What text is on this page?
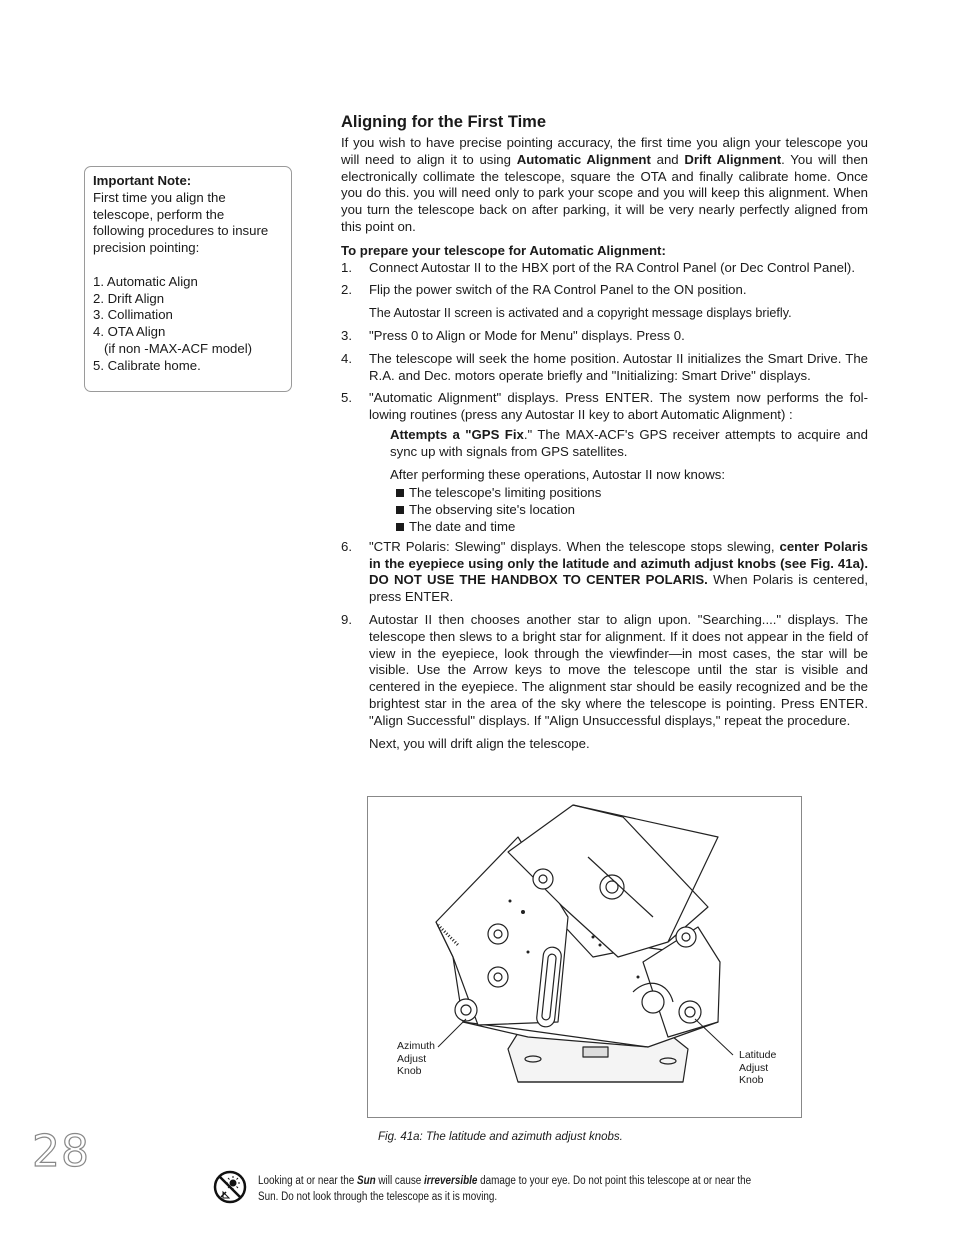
Important Note:
First time you align the
telescope, perform the
following procedures to insure
precision pointing:

1. Automatic Align
2. Drift Align
3. Collimation
4. OTA Align
(if non -MAX-ACF model)
5. Calibrate home.
Aligning for the First Time

If you wish to have precise pointing accuracy, the first time you align your telescope you will need to align it to using Automatic Alignment and Drift Alignment. You will then electronically collimate the telescope, square the OTA and finally calibrate home. Once you do this. you will need only to park your scope and you will keep this alignment. When you turn the telescope back on after parking, it will be very nearly perfectly aligned from this point on.

To prepare your telescope for Automatic Alignment:
1.	Connect Autostar II to the HBX port of the RA Control Panel (or Dec Control Panel).
2.	Flip the power switch of the RA Control Panel to the ON position.

The Autostar II screen is activated and a copyright message displays briefly.

3.	"Press 0 to Align or Mode for Menu" displays. Press 0.
4.	The telescope will seek the home position. Autostar II initializes the Smart Drive. The R.A. and Dec. motors operate briefly and "Initializing: Smart Drive" displays.
5.	"Automatic Alignment" displays. Press ENTER. The system now performs the fol-lowing routines (press any Autostar II key to abort Automatic Alignment) :

Attempts a "GPS Fix." The MAX-ACF's GPS receiver attempts to acquire and sync up with signals from GPS satellites.

After performing these operations, Autostar II now knows:

The telescope's limiting positions
The observing site's location
The date and time
6.	"CTR Polaris: Slewing" displays. When the telescope stops slewing, center Polaris in the eyepiece using only the latitude and azimuth adjust knobs (see Fig. 41a). DO NOT USE THE HANDBOX TO CENTER POLARIS. When Polaris is centered, press ENTER.
9.	Autostar II then chooses another star to align upon. "Searching...." displays. The telescope then slews to a bright star for alignment. If it does not appear in the field of view in the eyepiece, look through the viewfinder—in most cases, the star will be visible. Use the Arrow keys to move the telescope until the star is visible and centered in the eyepiece. The alignment star should be easily recognized and be the brightest star in the area of the sky where the telescope is pointing. Press ENTER. "Align Successful" displays. If "Align Unsuccessful displays," repeat the procedure.

Next, you will drift align the telescope.

Azimuth
Adjust
Knob
Latitude
Adjust
Knob
Fig. 41a: The latitude and azimuth adjust knobs.
28
Looking at or near the Sun will cause irreversible damage to your eye. Do not point this telescope at or near the
Sun. Do not look through the telescope as it is moving.
